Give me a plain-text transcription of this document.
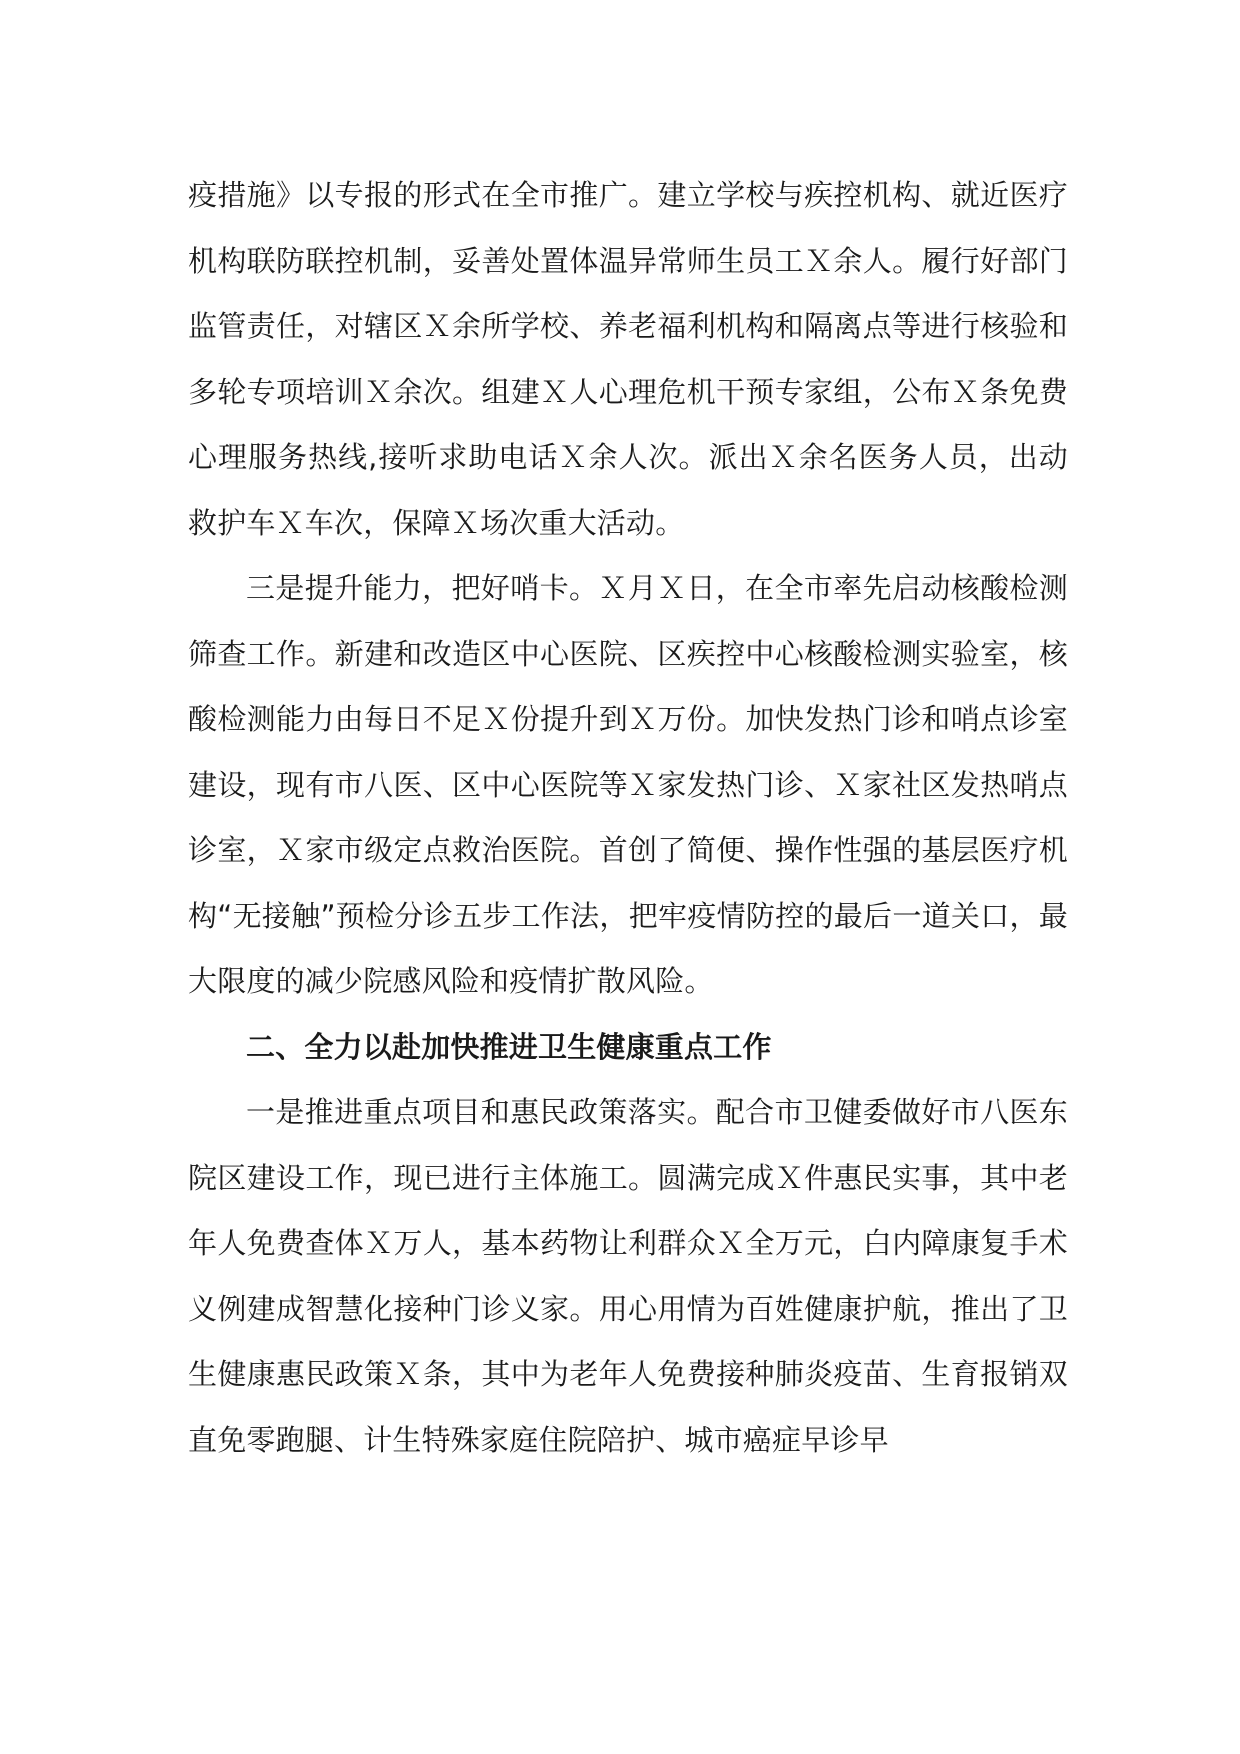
疫措施》以专报的形式在全市推广。建立学校与疾控机构、就近医疗机构联防联控机制，妥善处置体温异常师生员工Ｘ余人。履行好部门监管责任，对辖区Ｘ余所学校、养老福利机构和隔离点等进行核验和多轮专项培训Ｘ余次。组建Ｘ人心理危机干预专家组，公布Ｘ条免费心理服务热线,接听求助电话Ｘ余人次。派出Ｘ余名医务人员，出动救护车Ｘ车次，保障Ｘ场次重大活动。

三是提升能力，把好哨卡。Ｘ月Ｘ日，在全市率先启动核酸检测筛查工作。新建和改造区中心医院、区疾控中心核酸检测实验室，核酸检测能力由每日不足Ｘ份提升到Ｘ万份。加快发热门诊和哨点诊室建设，现有市八医、区中心医院等Ｘ家发热门诊、Ｘ家社区发热哨点诊室，Ｘ家市级定点救治医院。首创了简便、操作性强的基层医疗机构“无接触”预检分诊五步工作法，把牢疫情防控的最后一道关口，最大限度的减少院感风险和疫情扩散风险。

二、全力以赴加快推进卫生健康重点工作

一是推进重点项目和惠民政策落实。配合市卫健委做好市八医东院区建设工作，现已进行主体施工。圆满完成Ｘ件惠民实事，其中老年人免费查体Ｘ万人，基本药物让利群众Ｘ全万元，白内障康复手术义例建成智慧化接种门诊义家。用心用情为百姓健康护航，推出了卫生健康惠民政策Ｘ条，其中为老年人免费接种肺炎疫苗、生育报销双直免零跑腿、计生特殊家庭住院陪护、城市癌症早诊早
